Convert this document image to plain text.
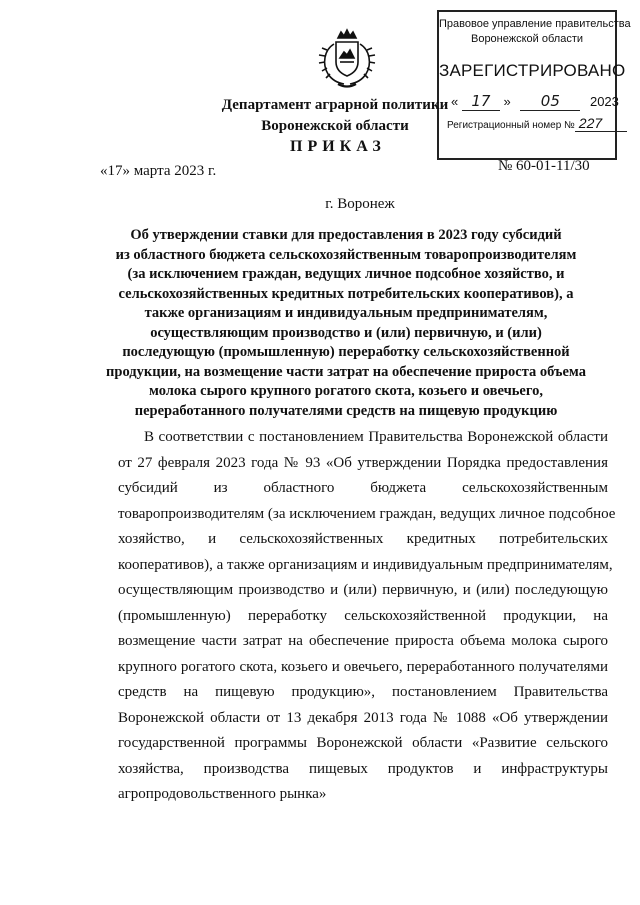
Правовое управление правительства
Воронежской области
ЗАРЕГИСТРИРОВАНО
« 17 » 05 2023
Регистрационный номер № 227
Департамент аграрной политики
Воронежской области
ПРИКАЗ
«17» марта 2023 г.	№ 60-01-11/30
г. Воронеж
Об утверждении ставки для предоставления в 2023 году субсидий
из областного бюджета сельскохозяйственным товаропроизводителям
(за исключением граждан, ведущих личное подсобное хозяйство, и
сельскохозяйственных кредитных потребительских кооперативов), а
также организациям и индивидуальным предпринимателям,
осуществляющим производство и (или) первичную, и (или)
последующую (промышленную) переработку сельскохозяйственной
продукции, на возмещение части затрат на обеспечение прироста объема
молока сырого крупного рогатого скота, козьего и овечьего,
переработанного получателями средств на пищевую продукцию
В соответствии с постановлением Правительства Воронежской области
от 27 февраля 2023 года № 93 «Об утверждении Порядка предоставления
субсидий из областного бюджета сельскохозяйственным
товаропроизводителям (за исключением граждан, ведущих личное подсобное
хозяйство, и сельскохозяйственных кредитных потребительских
кооперативов), а также организациям и индивидуальным предпринимателям,
осуществляющим производство и (или) первичную, и (или) последующую
(промышленную) переработку сельскохозяйственной продукции, на
возмещение части затрат на обеспечение прироста объема молока сырого
крупного рогатого скота, козьего и овечьего, переработанного получателями
средств на пищевую продукцию», постановлением Правительства
Воронежской области от 13 декабря 2013 года № 1088 «Об утверждении
государственной программы Воронежской области «Развитие сельского
хозяйства, производства пищевых продуктов и инфраструктуры
агропродовольственного рынка»
